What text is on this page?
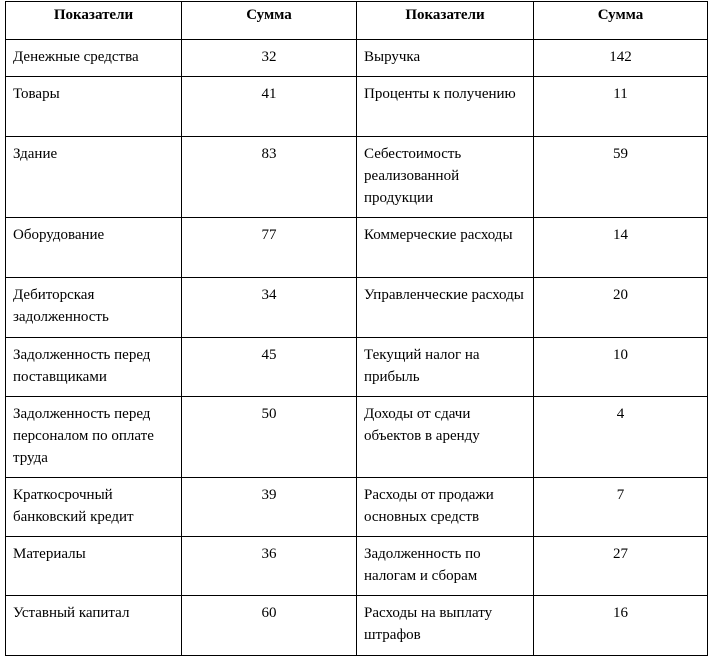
Показатели	Сумма	Показатели	Сумма
Денежные средства	32	Выручка	142
Товары	41	Проценты к получению	11
Здание	83	Себестоимость реализованной продукции	59
Оборудование	77	Коммерческие расходы	14
Дебиторская задолженность	34	Управленческие расходы	20
Задолженность перед поставщиками	45	Текущий налог на прибыль	10
Задолженность перед персоналом по оплате труда	50	Доходы от сдачи объектов в аренду	4
Краткосрочный банковский кредит	39	Расходы от продажи основных средств	7
Материалы	36	Задолженность по налогам и сборам	27
Уставный капитал	60	Расходы на выплату штрафов	16
